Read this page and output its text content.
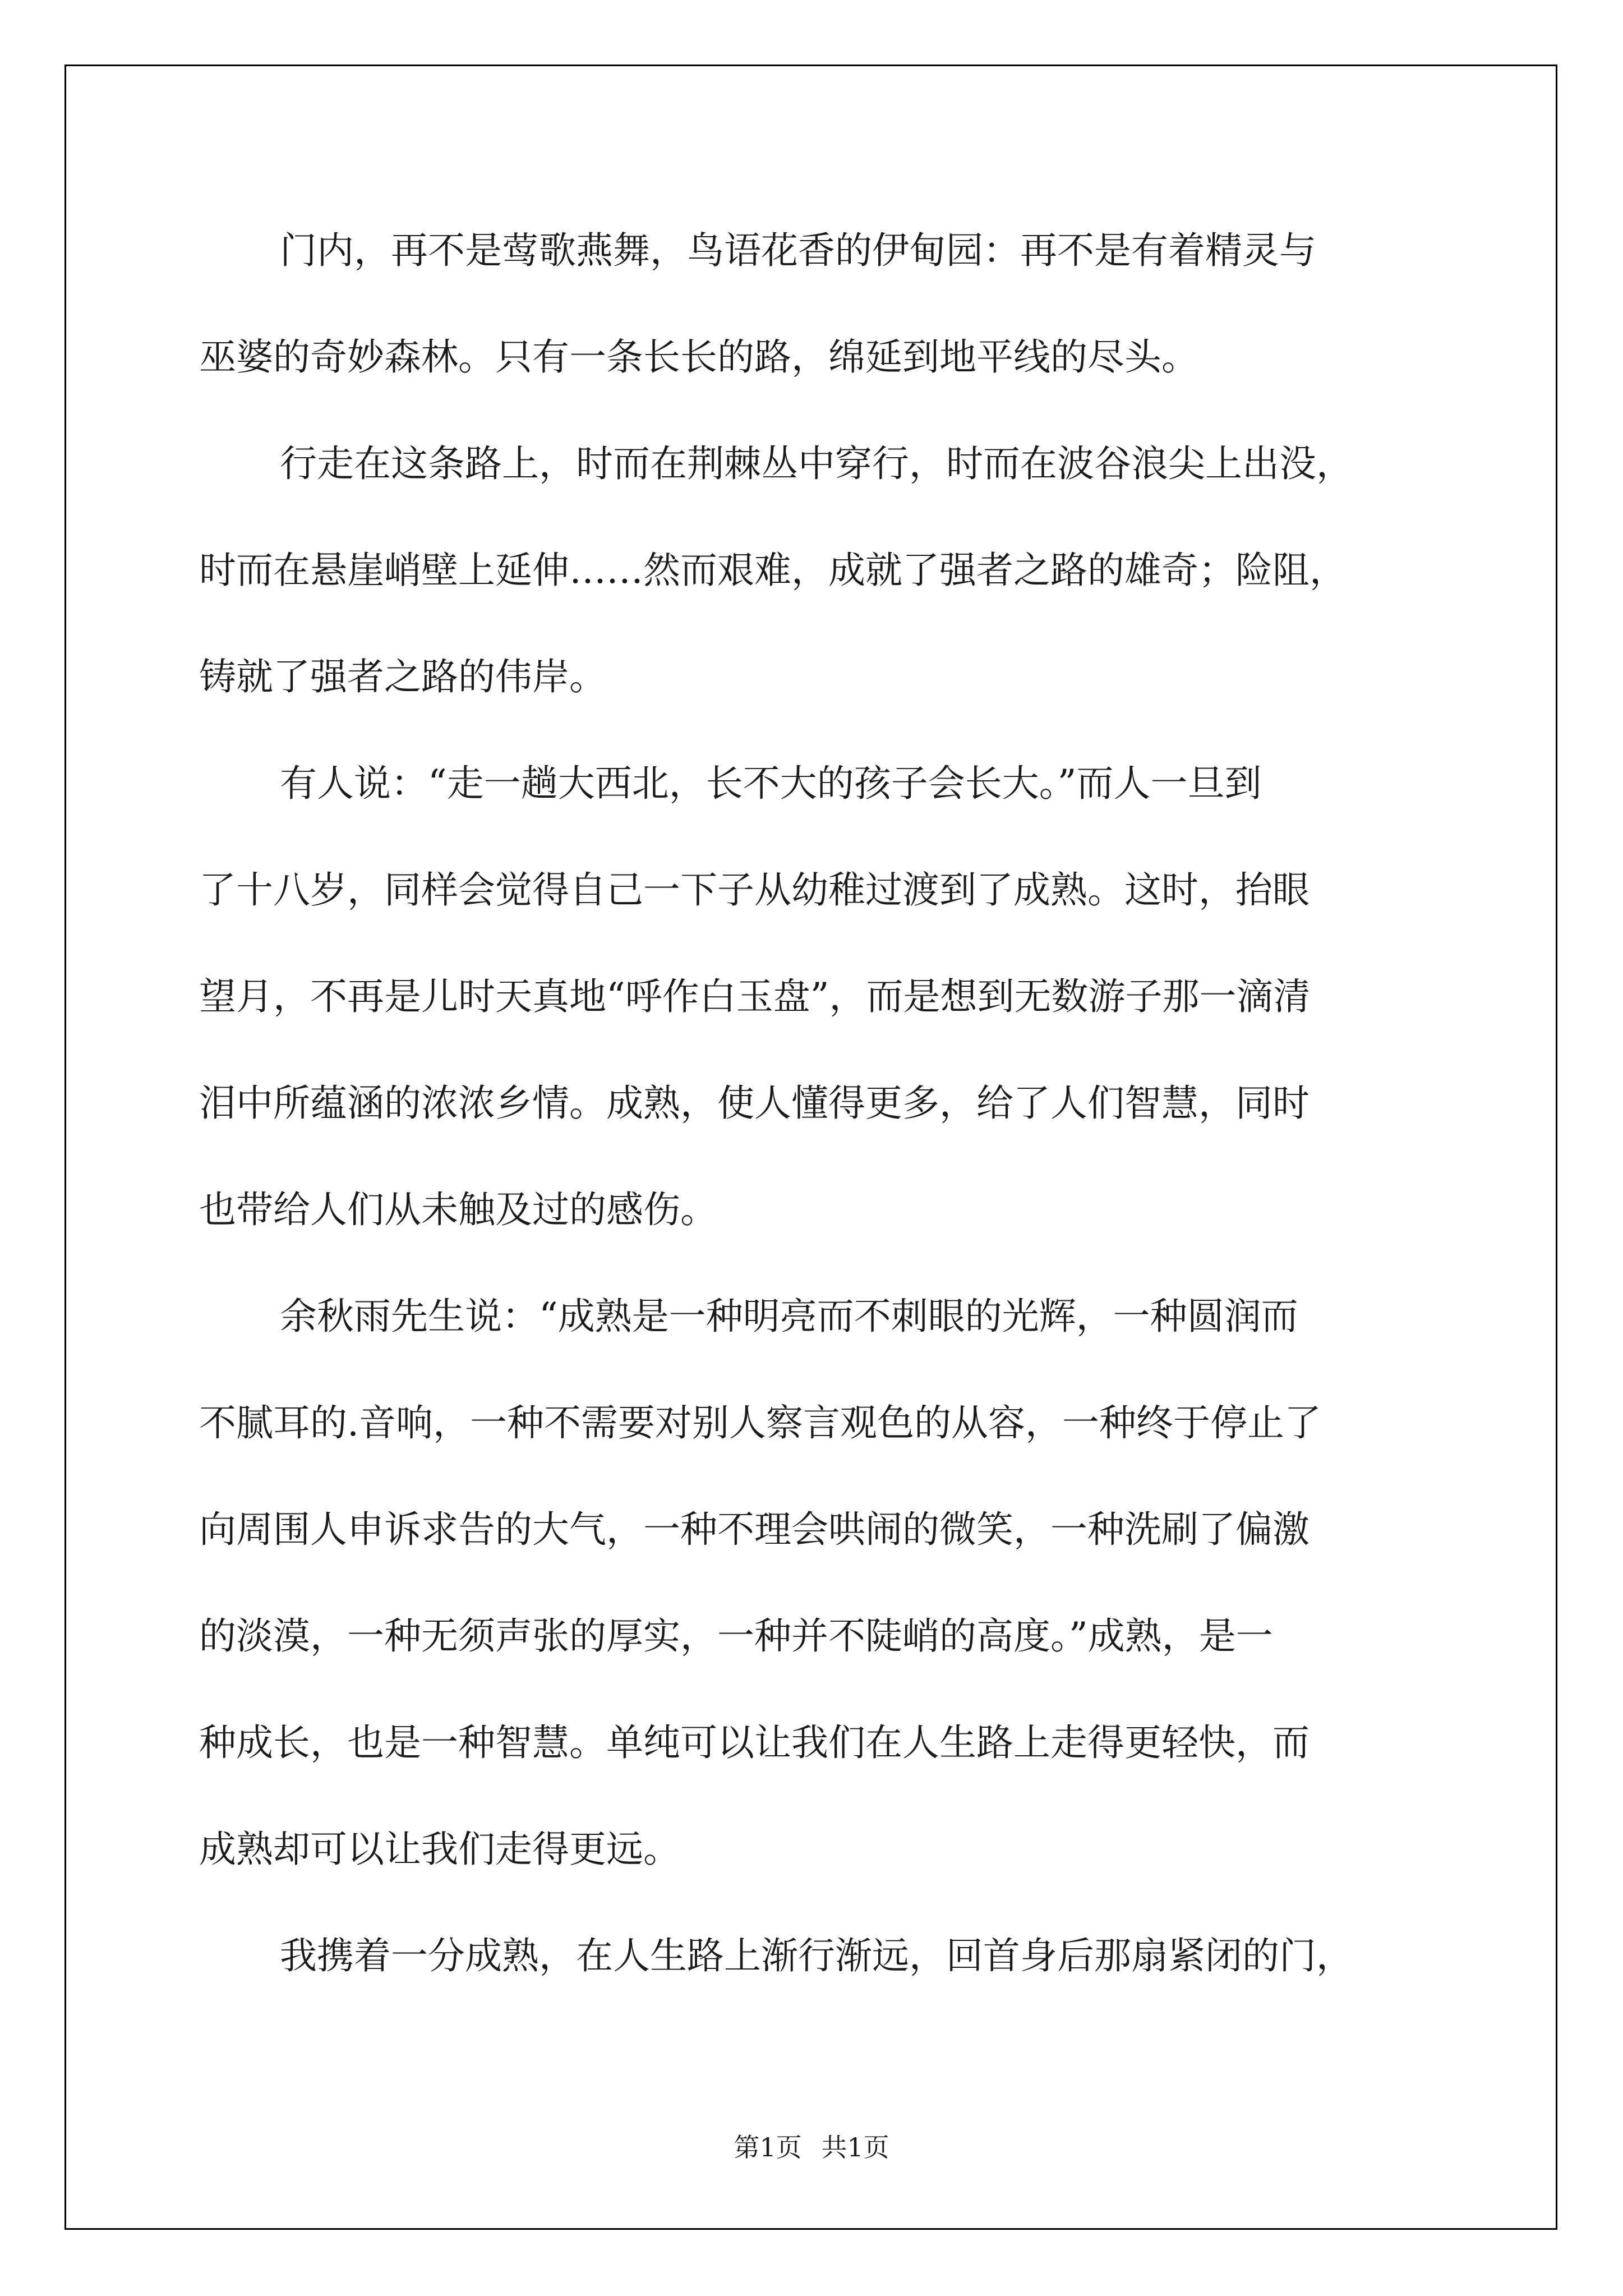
门内，再不是莺歌燕舞，鸟语花香的伊甸园：再不是有着精灵与
巫婆的奇妙森林。只有一条长长的路，绵延到地平线的尽头。

行走在这条路上，时而在荆棘丛中穿行，时而在波谷浪尖上出没，
时而在悬崖峭壁上延伸……然而艰难，成就了强者之路的雄奇；险阻，
铸就了强者之路的伟岸。

有人说：“走一趟大西北，长不大的孩子会长大。”而人一旦到
了十八岁，同样会觉得自己一下子从幼稚过渡到了成熟。这时，抬眼
望月，不再是儿时天真地“呼作白玉盘”，而是想到无数游子那一滴清
泪中所蕴涵的浓浓乡情。成熟，使人懂得更多，给了人们智慧，同时
也带给人们从未触及过的感伤。

余秋雨先生说：“成熟是一种明亮而不刺眼的光辉，一种圆润而
不腻耳的.音响，一种不需要对别人察言观色的从容，一种终于停止了
向周围人申诉求告的大气，一种不理会哄闹的微笑，一种洗刷了偏激
的淡漠，一种无须声张的厚实，一种并不陡峭的高度。”成熟，是一
种成长，也是一种智慧。单纯可以让我们在人生路上走得更轻快，而
成熟却可以让我们走得更远。

我携着一分成熟，在人生路上渐行渐远，回首身后那扇紧闭的门，

第1页 共1页
